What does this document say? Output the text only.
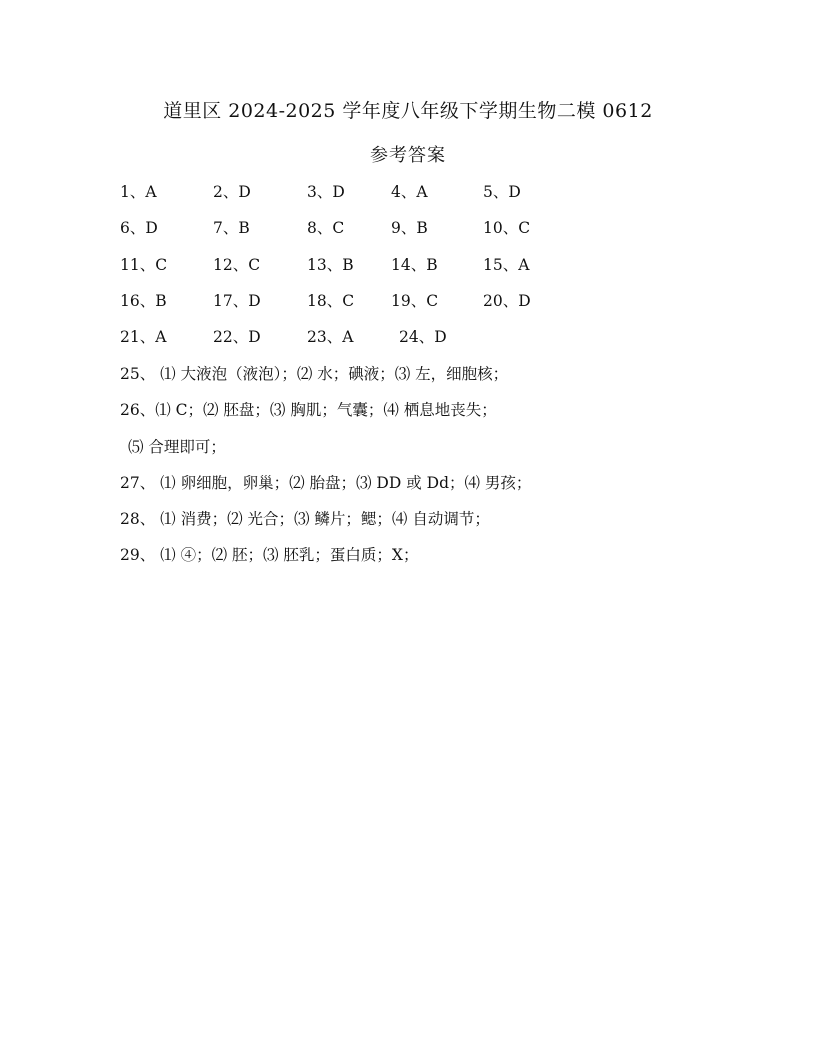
道里区 2024-2025 学年度八年级下学期生物二模 0612
参考答案
1、A	2、D	3、D	4、A	5、D
6、D	7、B	8、C	9、B	10、C
11、C	12、C	13、B 14、B	15、A
16、B	17、D	18、C 19、C	20、D
21、A	22、D	23、A	24、D
25、 ⑴ 大液泡（液泡）；⑵ 水；碘液；⑶ 左，细胞核；
26、⑴ C；⑵ 胚盘；⑶ 胸肌；气囊；⑷ 栖息地丧失；
⑸ 合理即可；
27、 ⑴ 卵细胞，卵巢；⑵ 胎盘；⑶ DD 或 Dd；⑷ 男孩；
28、 ⑴ 消费；⑵ 光合；⑶ 鳞片；鳃；⑷ 自动调节；
29、 ⑴ ④；⑵ 胚；⑶ 胚乳；蛋白质；X；
